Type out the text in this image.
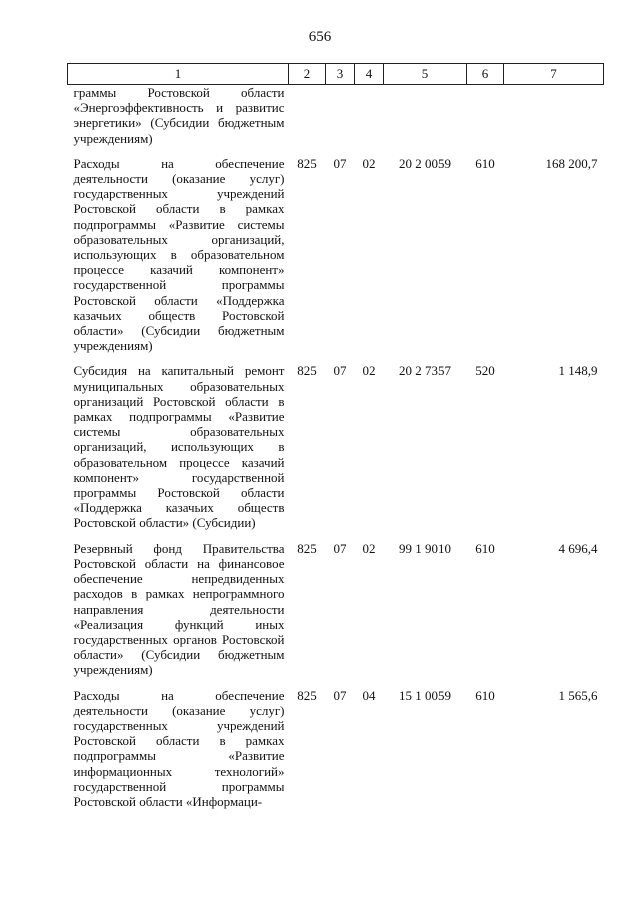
656
1	2	3	4	5	6	7
граммы Ростовской области «Энергоэффективность и развитис энергетики» (Субсидии бюджетным учреждениям)						

Расходы на обеспечение деятельности (оказание услуг) государственных учреждений Ростовской области в рамках подпрограммы «Развитие системы образовательных организаций, использующих в образовательном процессе казачий компонент» государственной программы Ростовской области «Поддержка казачьих обществ Ростовской области» (Субсидии бюджетным учреждениям)	825	07	02	20 2 0059	610	168 200,7

Субсидия на капитальный ремонт муниципальных образовательных организаций Ростовской области в рамках подпрограммы «Развитие системы образовательных организаций, использующих в образовательном процессе казачий компонент» государственной программы Ростовской области «Поддержка казачьих обществ Ростовской области» (Субсидии)	825	07	02	20 2 7357	520	1 148,9

Резервный фонд Правительства Ростовской области на финансовое обеспечение непредвиденных расходов в рамках непрограммного направления деятельности «Реализация функций иных государственных органов Ростовской области» (Субсидии бюджетным учреждениям)	825	07	02	99 1 9010	610	4 696,4

Расходы на обеспечение деятельности (оказание услуг) государственных учреждений Ростовской области в рамках подпрограммы «Развитие информационных технологий» государственной программы Ростовской области «Информаци-	825	07	04	15 1 0059	610	1 565,6
